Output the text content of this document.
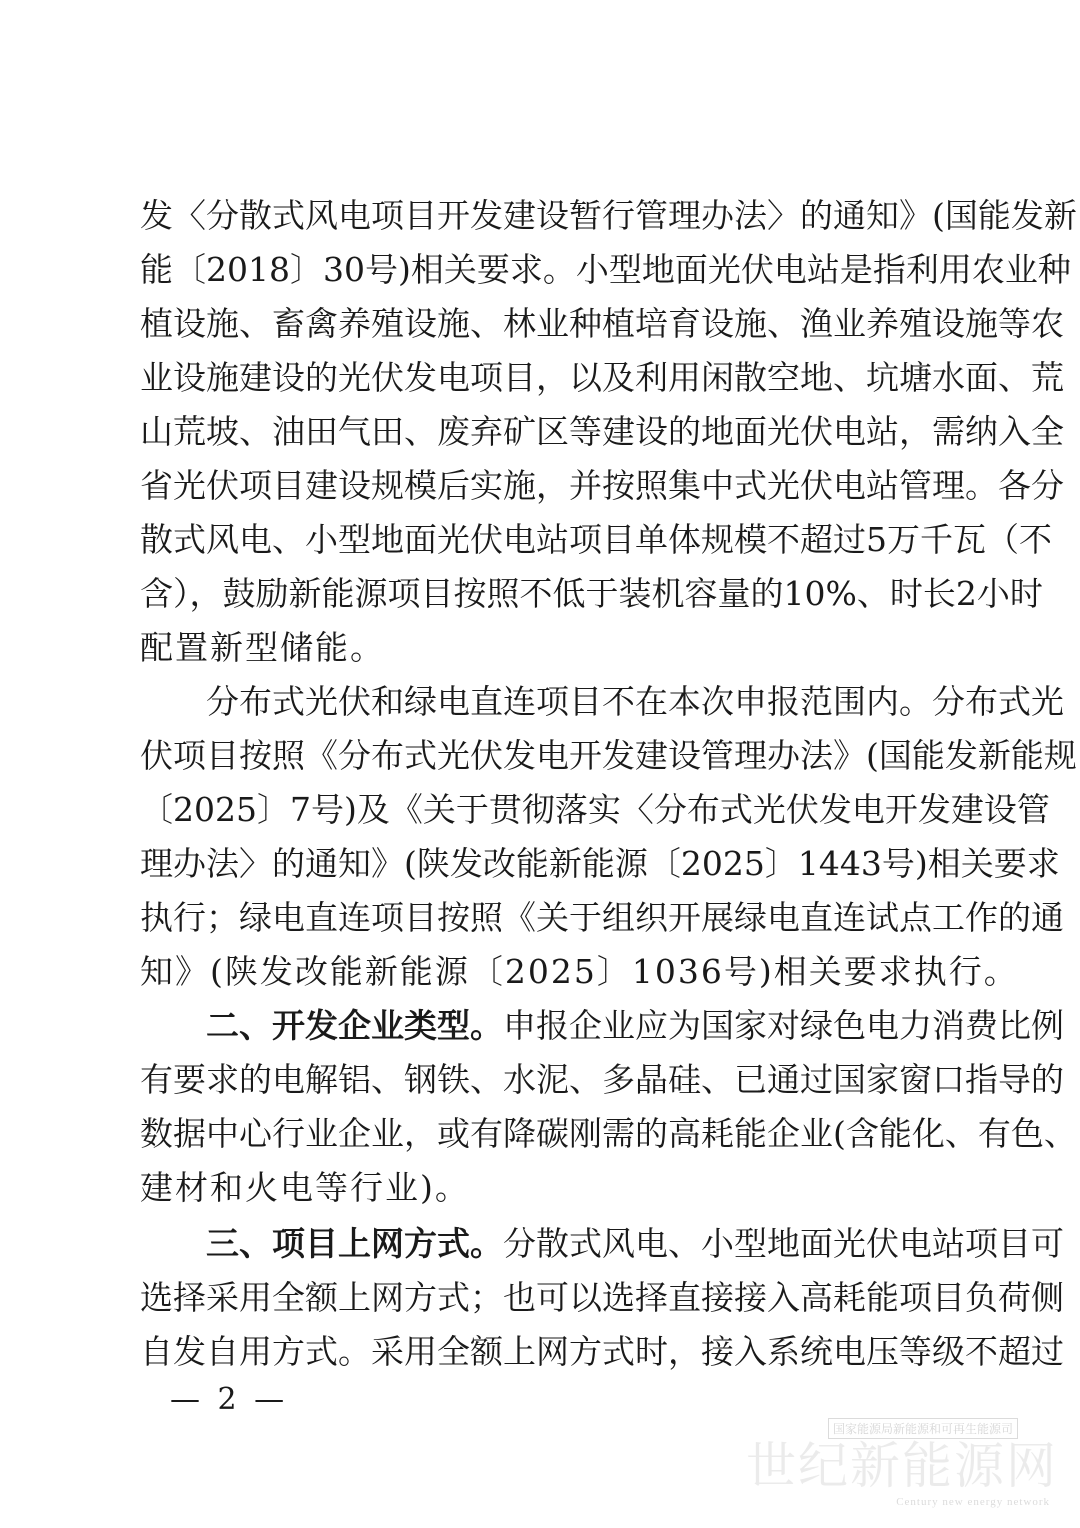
发〈分散式风电项目开发建设暂行管理办法〉的通知》(国能发新
能〔2018〕30号)相关要求。小型地面光伏电站是指利用农业种
植设施、畜禽养殖设施、林业种植培育设施、渔业养殖设施等农
业设施建设的光伏发电项目，以及利用闲散空地、坑塘水面、荒
山荒坡、油田气田、废弃矿区等建设的地面光伏电站，需纳入全
省光伏项目建设规模后实施，并按照集中式光伏电站管理。各分
散式风电、小型地面光伏电站项目单体规模不超过5万千瓦（不
含），鼓励新能源项目按照不低于装机容量的10%、时长2小时
配置新型储能。
分布式光伏和绿电直连项目不在本次申报范围内。分布式光
伏项目按照《分布式光伏发电开发建设管理办法》(国能发新能规
〔2025〕7号)及《关于贯彻落实〈分布式光伏发电开发建设管
理办法〉的通知》(陕发改能新能源〔2025〕1443号)相关要求
执行；绿电直连项目按照《关于组织开展绿电直连试点工作的通
知》(陕发改能新能源〔2025〕1036号)相关要求执行。
二、开发企业类型。 申报企业应为国家对绿色电力消费比例
有要求的电解铝、钢铁、水泥、多晶硅、已通过国家窗口指导的
数据中心行业企业，或有降碳刚需的高耗能企业(含能化、有色、
建材和火电等行业)。
三、项目上网方式。 分散式风电、小型地面光伏电站项目可
选择采用全额上网方式；也可以选择直接接入高耗能项目负荷侧
自发自用方式。采用全额上网方式时，接入系统电压等级不超过
— 2 —
国家能源局新能源和可再生能源司
世纪新能源网
Century new energy network
